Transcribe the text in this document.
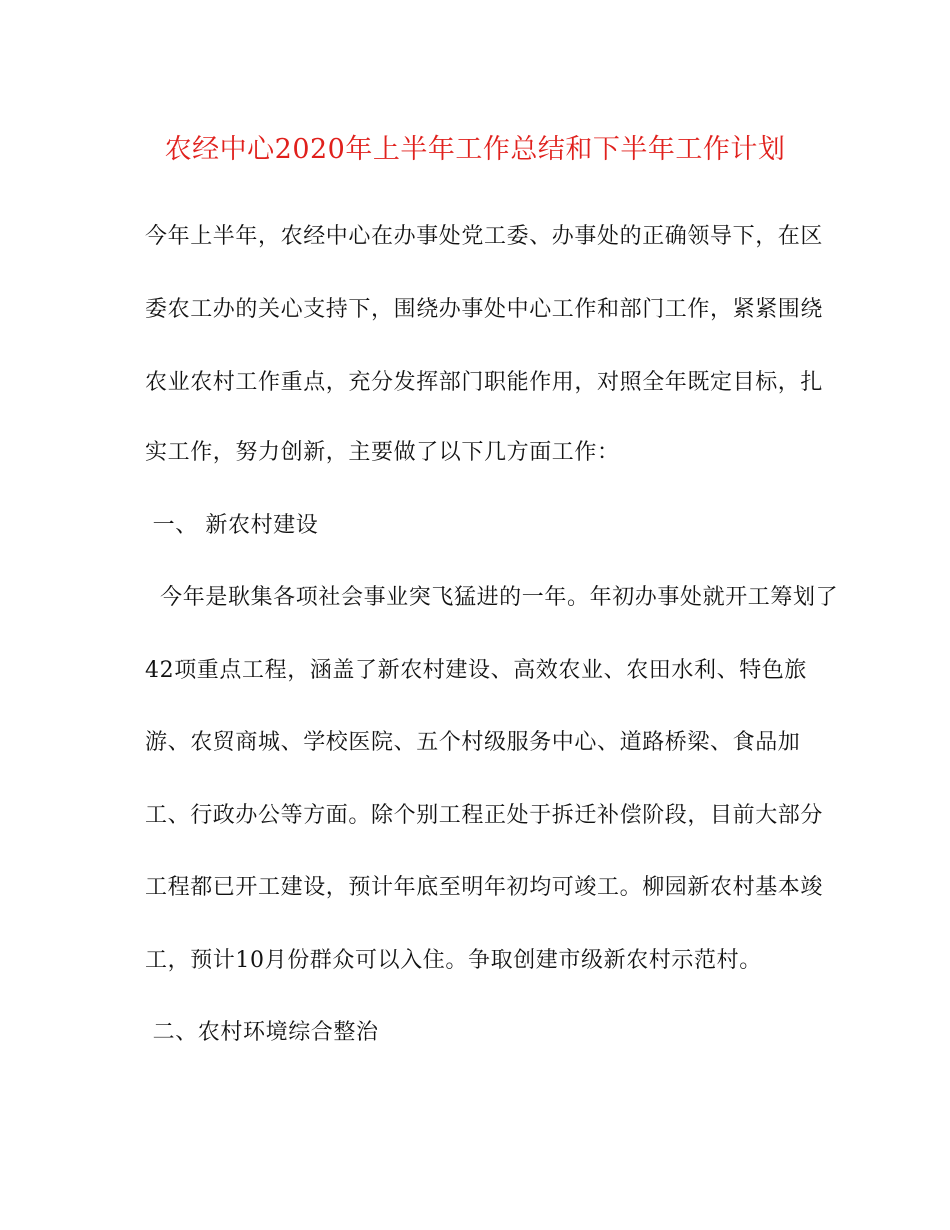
农经中心2020年上半年工作总结和下半年工作计划
今年上半年，农经中心在办事处党工委、办事处的正确领导下，在区
委农工办的关心支持下，围绕办事处中心工作和部门工作，紧紧围绕
农业农村工作重点，充分发挥部门职能作用，对照全年既定目标，扎
实工作，努力创新，主要做了以下几方面工作：
一、 新农村建设
今年是耿集各项社会事业突飞猛进的一年。年初办事处就开工筹划了
42项重点工程，涵盖了新农村建设、高效农业、农田水利、特色旅
游、农贸商城、学校医院、五个村级服务中心、道路桥梁、食品加
工、行政办公等方面。除个别工程正处于拆迁补偿阶段，目前大部分
工程都已开工建设，预计年底至明年初均可竣工。柳园新农村基本竣
工，预计10月份群众可以入住。争取创建市级新农村示范村。
二、农村环境综合整治
